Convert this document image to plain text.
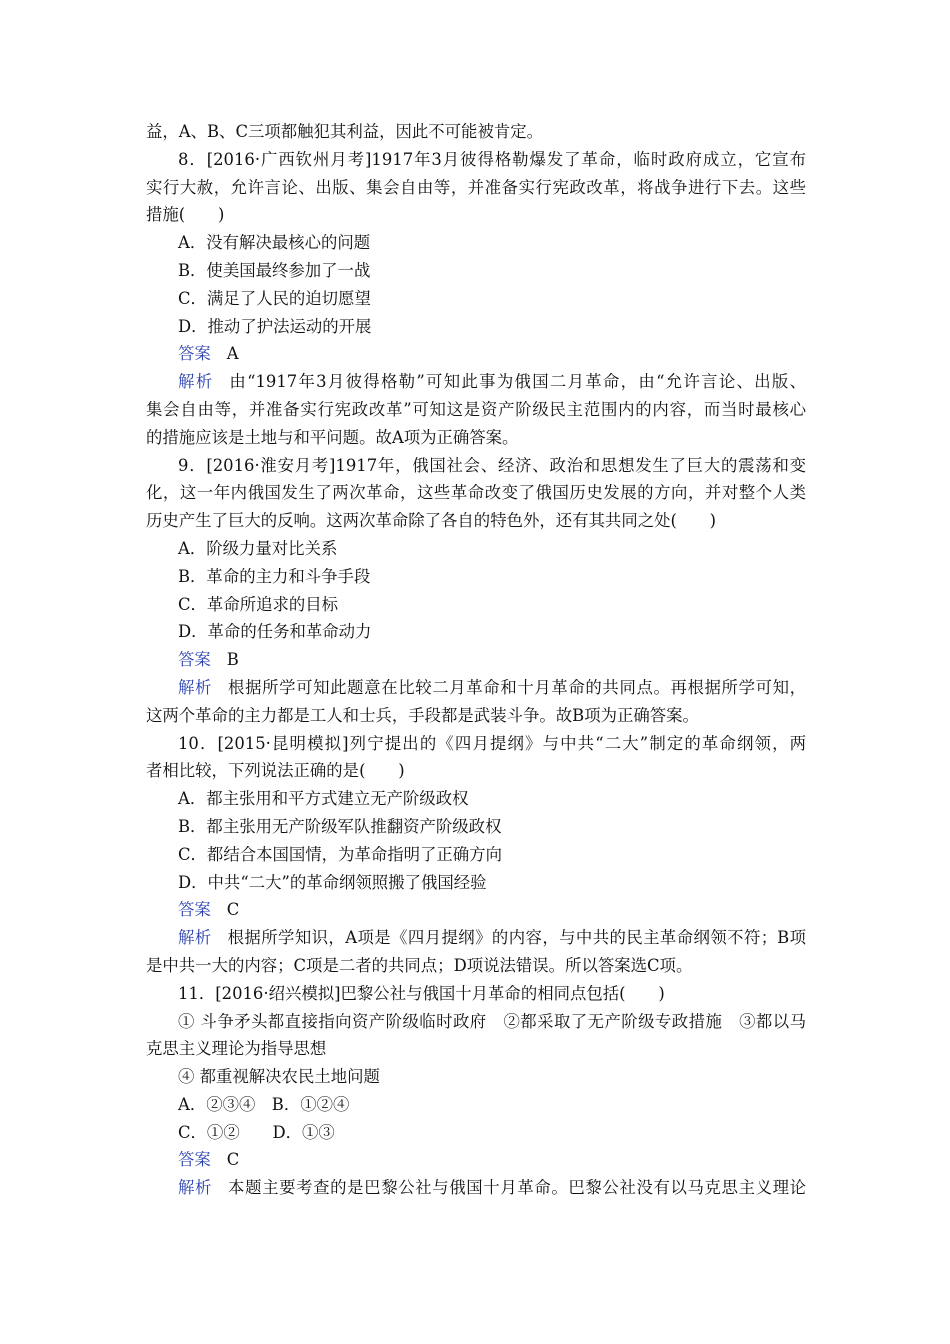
益，A、B、C三项都触犯其利益，因此不可能被肯定。
8．[2016·广西钦州月考]1917年3月彼得格勒爆发了革命，临时政府成立，它宣布
实行大赦，允许言论、出版、集会自由等，并准备实行宪政改革，将战争进行下去。这些
措施(　　)
A．没有解决最核心的问题
B．使美国最终参加了一战
C．满足了人民的迫切愿望
D．推动了护法运动的开展
答案 A
解析 由“1917年3月彼得格勒”可知此事为俄国二月革命，由“允许言论、出版、
集会自由等，并准备实行宪政改革”可知这是资产阶级民主范围内的内容，而当时最核心
的措施应该是土地与和平问题。故A项为正确答案。
9．[2016·淮安月考]1917年，俄国社会、经济、政治和思想发生了巨大的震荡和变
化，这一年内俄国发生了两次革命，这些革命改变了俄国历史发展的方向，并对整个人类
历史产生了巨大的反响。这两次革命除了各自的特色外，还有其共同之处(　　)
A．阶级力量对比关系
B．革命的主力和斗争手段
C．革命所追求的目标
D．革命的任务和革命动力
答案 B
解析 根据所学可知此题意在比较二月革命和十月革命的共同点。再根据所学可知，
这两个革命的主力都是工人和士兵，手段都是武装斗争。故B项为正确答案。
10．[2015·昆明模拟]列宁提出的《四月提纲》与中共“二大”制定的革命纲领，两
者相比较，下列说法正确的是(　　)
A．都主张用和平方式建立无产阶级政权
B．都主张用无产阶级军队推翻资产阶级政权
C．都结合本国国情，为革命指明了正确方向
D．中共“二大”的革命纲领照搬了俄国经验
答案 C
解析 根据所学知识，A项是《四月提纲》的内容，与中共的民主革命纲领不符；B项
是中共一大的内容；C项是二者的共同点；D项说法错误。所以答案选C项。
11．[2016·绍兴模拟]巴黎公社与俄国十月革命的相同点包括(　　)
① 斗争矛头都直接指向资产阶级临时政府　②都采取了无产阶级专政措施　③都以马
克思主义理论为指导思想
④ 都重视解决农民土地问题
A．②③④　B．①②④
C．①②　　D．①③
答案 C
解析 本题主要考查的是巴黎公社与俄国十月革命。巴黎公社没有以马克思主义理论
